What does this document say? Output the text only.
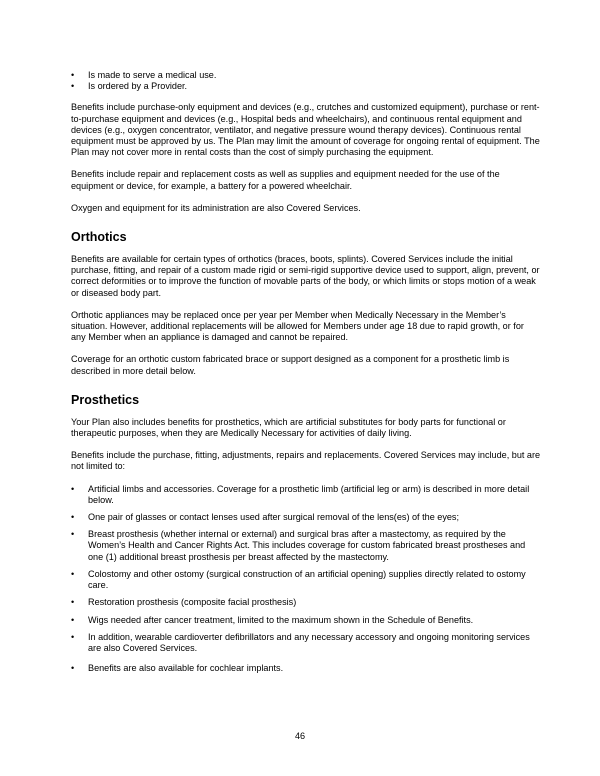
• Is made to serve a medical use.
• Is ordered by a Provider.

Benefits include purchase-only equipment and devices (e.g., crutches and customized equipment), purchase or rent-to-purchase equipment and devices (e.g., Hospital beds and wheelchairs), and continuous rental equipment and devices (e.g., oxygen concentrator, ventilator, and negative pressure wound therapy devices). Continuous rental equipment must be approved by us. The Plan may limit the amount of coverage for ongoing rental of equipment. The Plan may not cover more in rental costs than the cost of simply purchasing the equipment.

Benefits include repair and replacement costs as well as supplies and equipment needed for the use of the equipment or device, for example, a battery for a powered wheelchair.

Oxygen and equipment for its administration are also Covered Services.

Orthotics

Benefits are available for certain types of orthotics (braces, boots, splints). Covered Services include the initial purchase, fitting, and repair of a custom made rigid or semi-rigid supportive device used to support, align, prevent, or correct deformities or to improve the function of movable parts of the body, or which limits or stops motion of a weak or diseased body part.

Orthotic appliances may be replaced once per year per Member when Medically Necessary in the Member’s situation. However, additional replacements will be allowed for Members under age 18 due to rapid growth, or for any Member when an appliance is damaged and cannot be repaired.

Coverage for an orthotic custom fabricated brace or support designed as a component for a prosthetic limb is described in more detail below.

Prosthetics

Your Plan also includes benefits for prosthetics, which are artificial substitutes for body parts for functional or therapeutic purposes, when they are Medically Necessary for activities of daily living.

Benefits include the purchase, fitting, adjustments, repairs and replacements. Covered Services may include, but are not limited to:

• Artificial limbs and accessories. Coverage for a prosthetic limb (artificial leg or arm) is described in more detail below.
• One pair of glasses or contact lenses used after surgical removal of the lens(es) of the eyes;
• Breast prosthesis (whether internal or external) and surgical bras after a mastectomy, as required by the Women’s Health and Cancer Rights Act. This includes coverage for custom fabricated breast prostheses and one (1) additional breast prosthesis per breast affected by the mastectomy.
• Colostomy and other ostomy (surgical construction of an artificial opening) supplies directly related to ostomy care.
• Restoration prosthesis (composite facial prosthesis)
• Wigs needed after cancer treatment, limited to the maximum shown in the Schedule of Benefits.
• In addition, wearable cardioverter defibrillators and any necessary accessory and ongoing monitoring services are also Covered Services.
• Benefits are also available for cochlear implants.
46
